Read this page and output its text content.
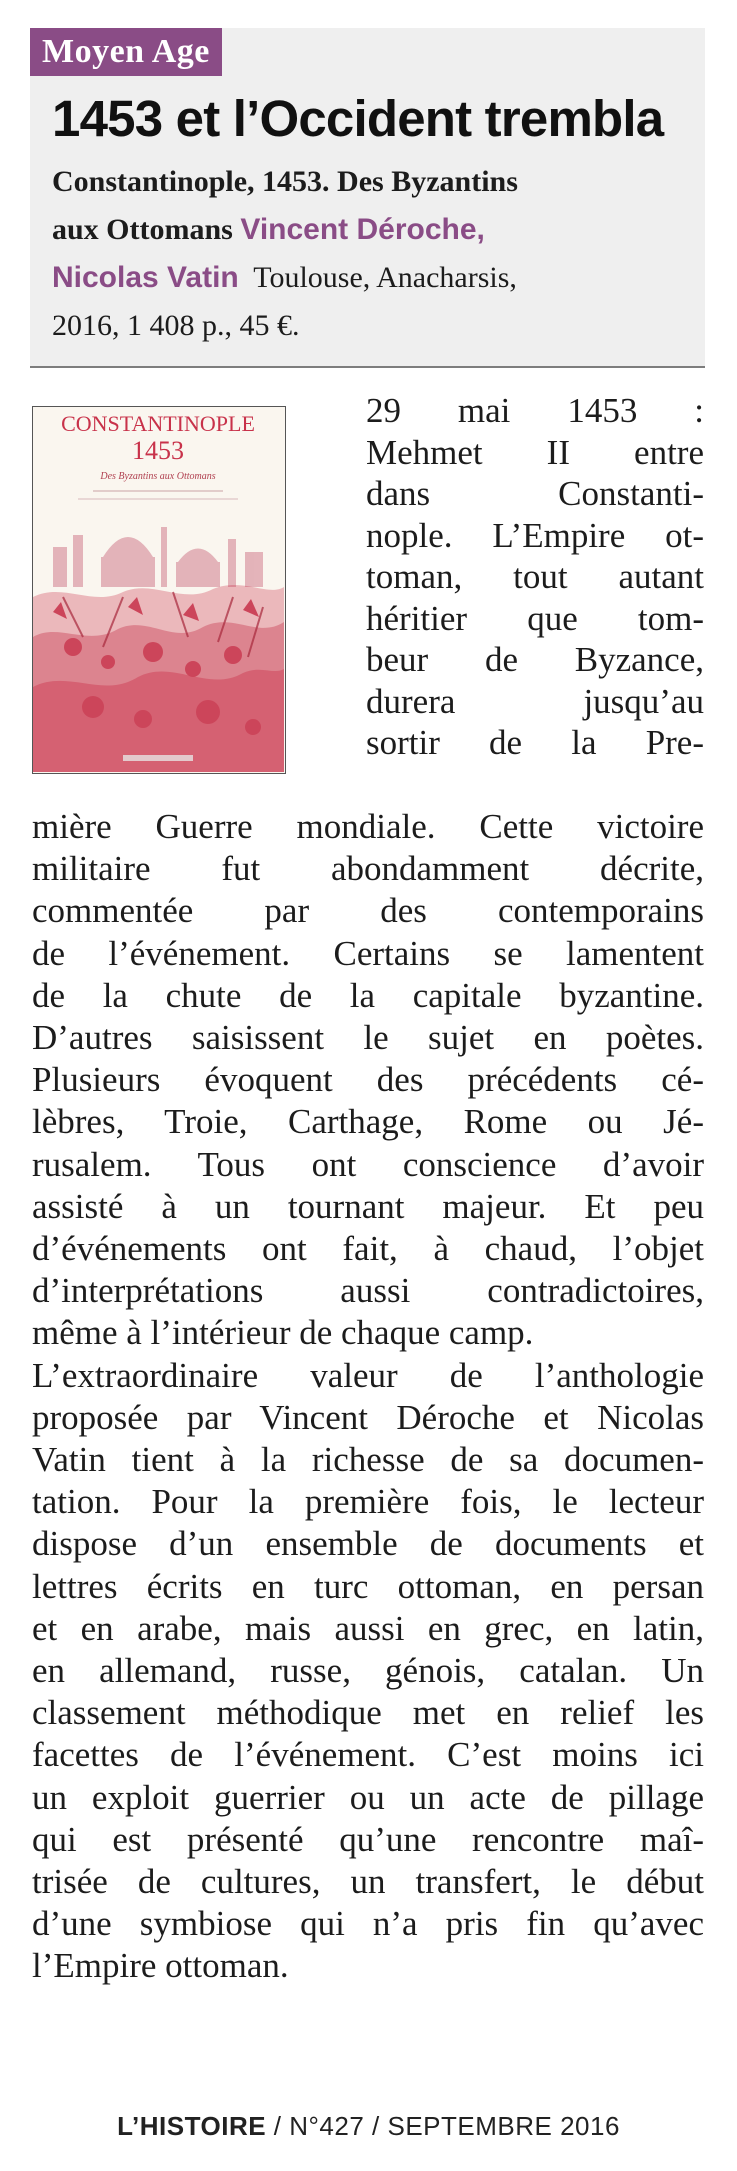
Moyen Age
1453 et l’Occident trembla
Constantinople, 1453. Des Byzantins
aux Ottomans Vincent Déroche,
Nicolas Vatin Toulouse, Anacharsis,
2016, 1 408 p., 45 €.
CONSTANTINOPLE
1453
Des Byzantins aux Ottomans
29 mai 1453 :
Mehmet II entre
dans Constanti-
nople. L’Empire ot-
toman, tout autant
héritier que tom-
beur de Byzance,
durera jusqu’au
sortir de la Pre-
mière Guerre mondiale. Cette victoire
militaire fut abondamment décrite,
commentée par des contemporains
de l’événement. Certains se lamentent
de la chute de la capitale byzantine.
D’autres saisissent le sujet en poètes.
Plusieurs évoquent des précédents cé-
lèbres, Troie, Carthage, Rome ou Jé-
rusalem. Tous ont conscience d’avoir
assisté à un tournant majeur. Et peu
d’événements ont fait, à chaud, l’objet
d’interprétations aussi contradictoires,
même à l’intérieur de chaque camp.
L’extraordinaire valeur de l’anthologie
proposée par Vincent Déroche et Nicolas
Vatin tient à la richesse de sa documen-
tation. Pour la première fois, le lecteur
dispose d’un ensemble de documents et
lettres écrits en turc ottoman, en persan
et en arabe, mais aussi en grec, en latin,
en allemand, russe, génois, catalan. Un
classement méthodique met en relief les
facettes de l’événement. C’est moins ici
un exploit guerrier ou un acte de pillage
qui est présenté qu’une rencontre maî-
trisée de cultures, un transfert, le début
d’une symbiose qui n’a pris fin qu’avec
l’Empire ottoman.
L’HISTOIRE / N°427 / SEPTEMBRE 2016
